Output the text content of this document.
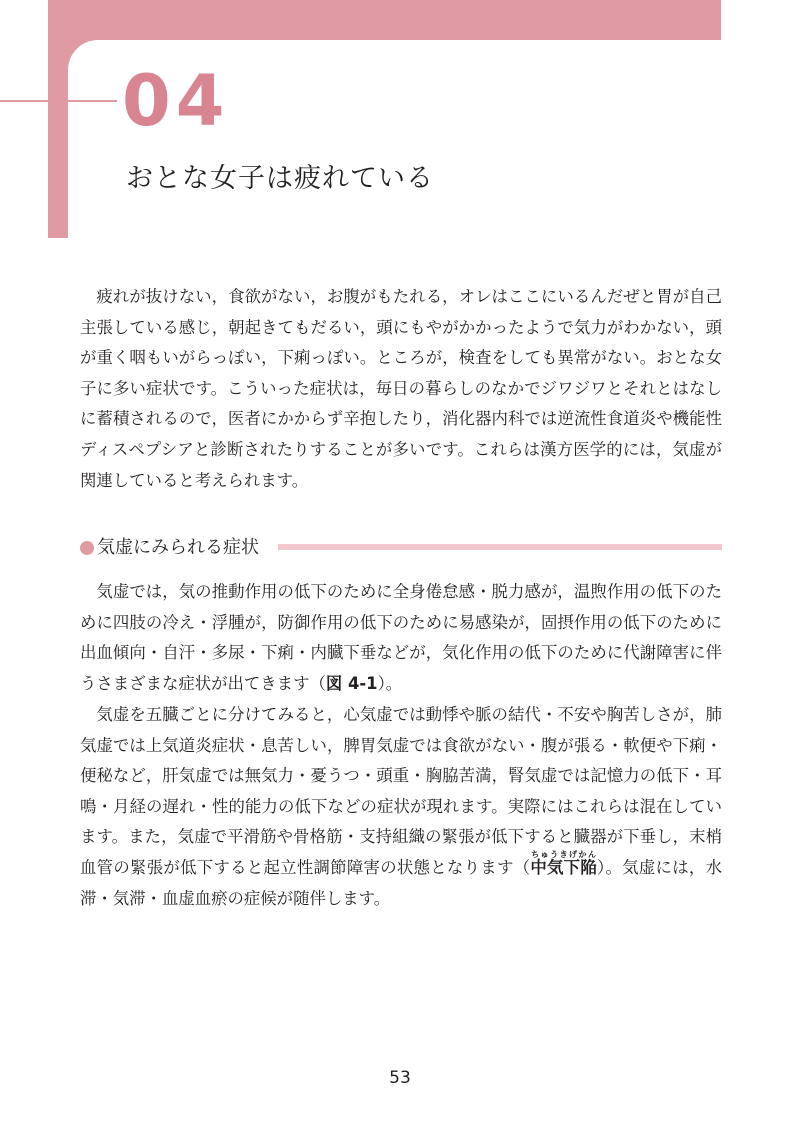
04
おとな女子は疲れている

疲れが抜けない，食欲がない，お腹がもたれる，オレはここにいるんだぜと胃が自己主張している感じ，朝起きてもだるい，頭にもやがかかったようで気力がわかない，頭が重く咽もいがらっぽい，下痢っぽい。ところが，検査をしても異常がない。おとな女子に多い症状です。こういった症状は，毎日の暮らしのなかでジワジワとそれとはなしに蓄積されるので，医者にかからず辛抱したり，消化器内科では逆流性食道炎や機能性ディスペプシアと診断されたりすることが多いです。これらは漢方医学的には，気虚が関連していると考えられます。

気虚にみられる症状

気虚では，気の推動作用の低下のために全身倦怠感・脱力感が，温煦作用の低下のために四肢の冷え・浮腫が，防御作用の低下のために易感染が，固摂作用の低下のために出血傾向・自汗・多尿・下痢・内臓下垂などが，気化作用の低下のために代謝障害に伴うさまざまな症状が出てきます（図 4-1）。

気虚を五臓ごとに分けてみると，心気虚では動悸や脈の結代・不安や胸苦しさが，肺気虚では上気道炎症状・息苦しい，脾胃気虚では食欲がない・腹が張る・軟便や下痢・便秘など，肝気虚では無気力・憂うつ・頭重・胸脇苦満，腎気虚では記憶力の低下・耳鳴・月経の遅れ・性的能力の低下などの症状が現れます。実際にはこれらは混在しています。また，気虚で平滑筋や骨格筋・支持組織の緊張が低下すると臓器が下垂し，末梢血管の緊張が低下すると起立性調節障害の状態となります（中気下陥ちゅうきげかん）。気虚には，水滞・気滞・血虚血瘀の症候が随伴します。

53
